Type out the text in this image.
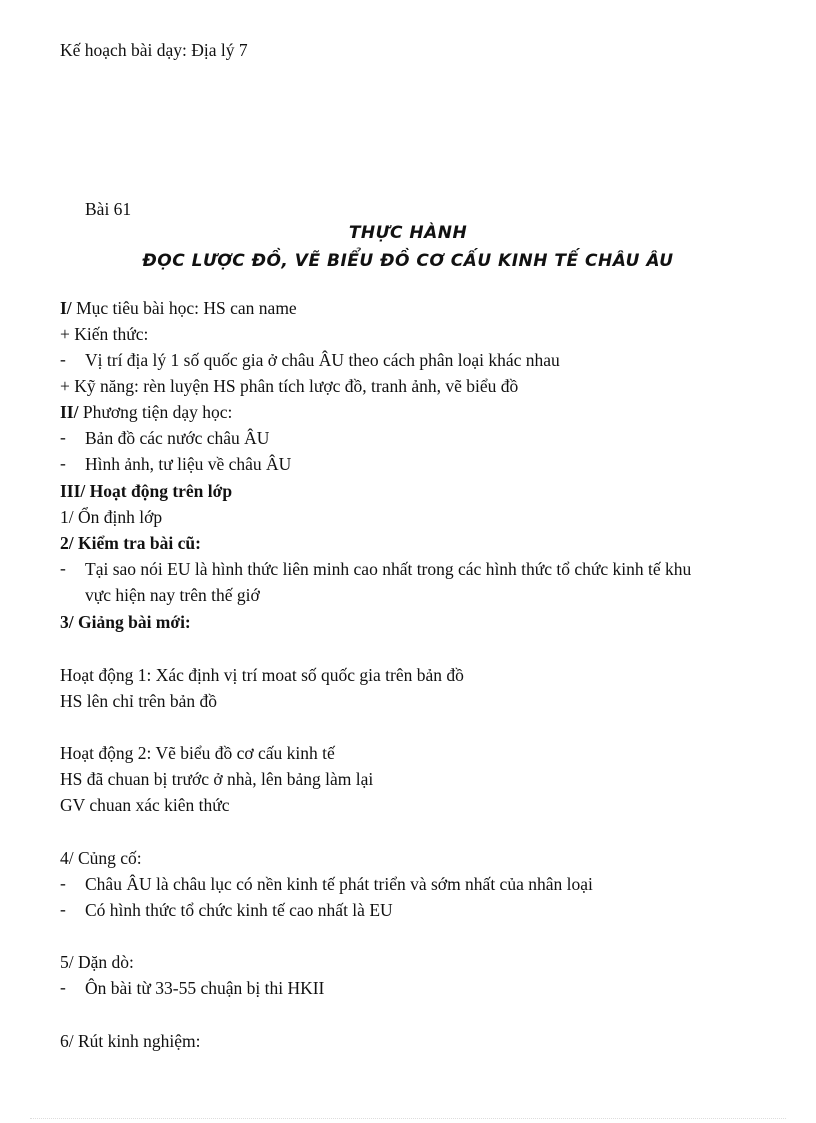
Kế hoạch bài dạy: Địa lý 7
Bài 61
THỰC HÀNH
ĐỌC LƯỢC ĐỒ, VẼ BIỂU ĐỒ CƠ CẤU KINH TẾ CHÂU ÂU
I/ Mục tiêu bài học: HS can name
+ Kiến thức:
- Vị trí địa lý 1 số quốc gia ở châu ÂU theo cách phân loại khác nhau
+ Kỹ năng: rèn luyện HS phân tích lược đồ, tranh ảnh, vẽ biểu đồ
II/ Phương tiện dạy học:
- Bản đồ các nước châu ÂU
- Hình ảnh, tư liệu về châu ÂU
III/ Hoạt động trên lớp
1/ Ổn định lớp
2/ Kiểm tra bài cũ:
- Tại sao nói EU là hình thức liên minh cao nhất trong các hình thức tổ chức kinh tế khu
vực hiện nay trên thế giớ
3/ Giảng bài mới:
Hoạt động 1: Xác định vị trí moat số quốc gia trên bản đồ
HS lên chỉ trên bản đồ
Hoạt động 2: Vẽ biểu đồ cơ cấu kinh tế
HS đã chuan bị trước ở nhà, lên bảng làm lại
GV chuan xác kiên thức
4/ Củng cố:
- Châu ÂU là châu lục có nền kinh tế phát triển và sớm nhất của nhân loại
- Có hình thức tổ chức kinh tế cao nhất là EU
5/ Dặn dò:
- Ôn bài từ 33-55 chuận bị thi HKII
6/ Rút kinh nghiệm:
